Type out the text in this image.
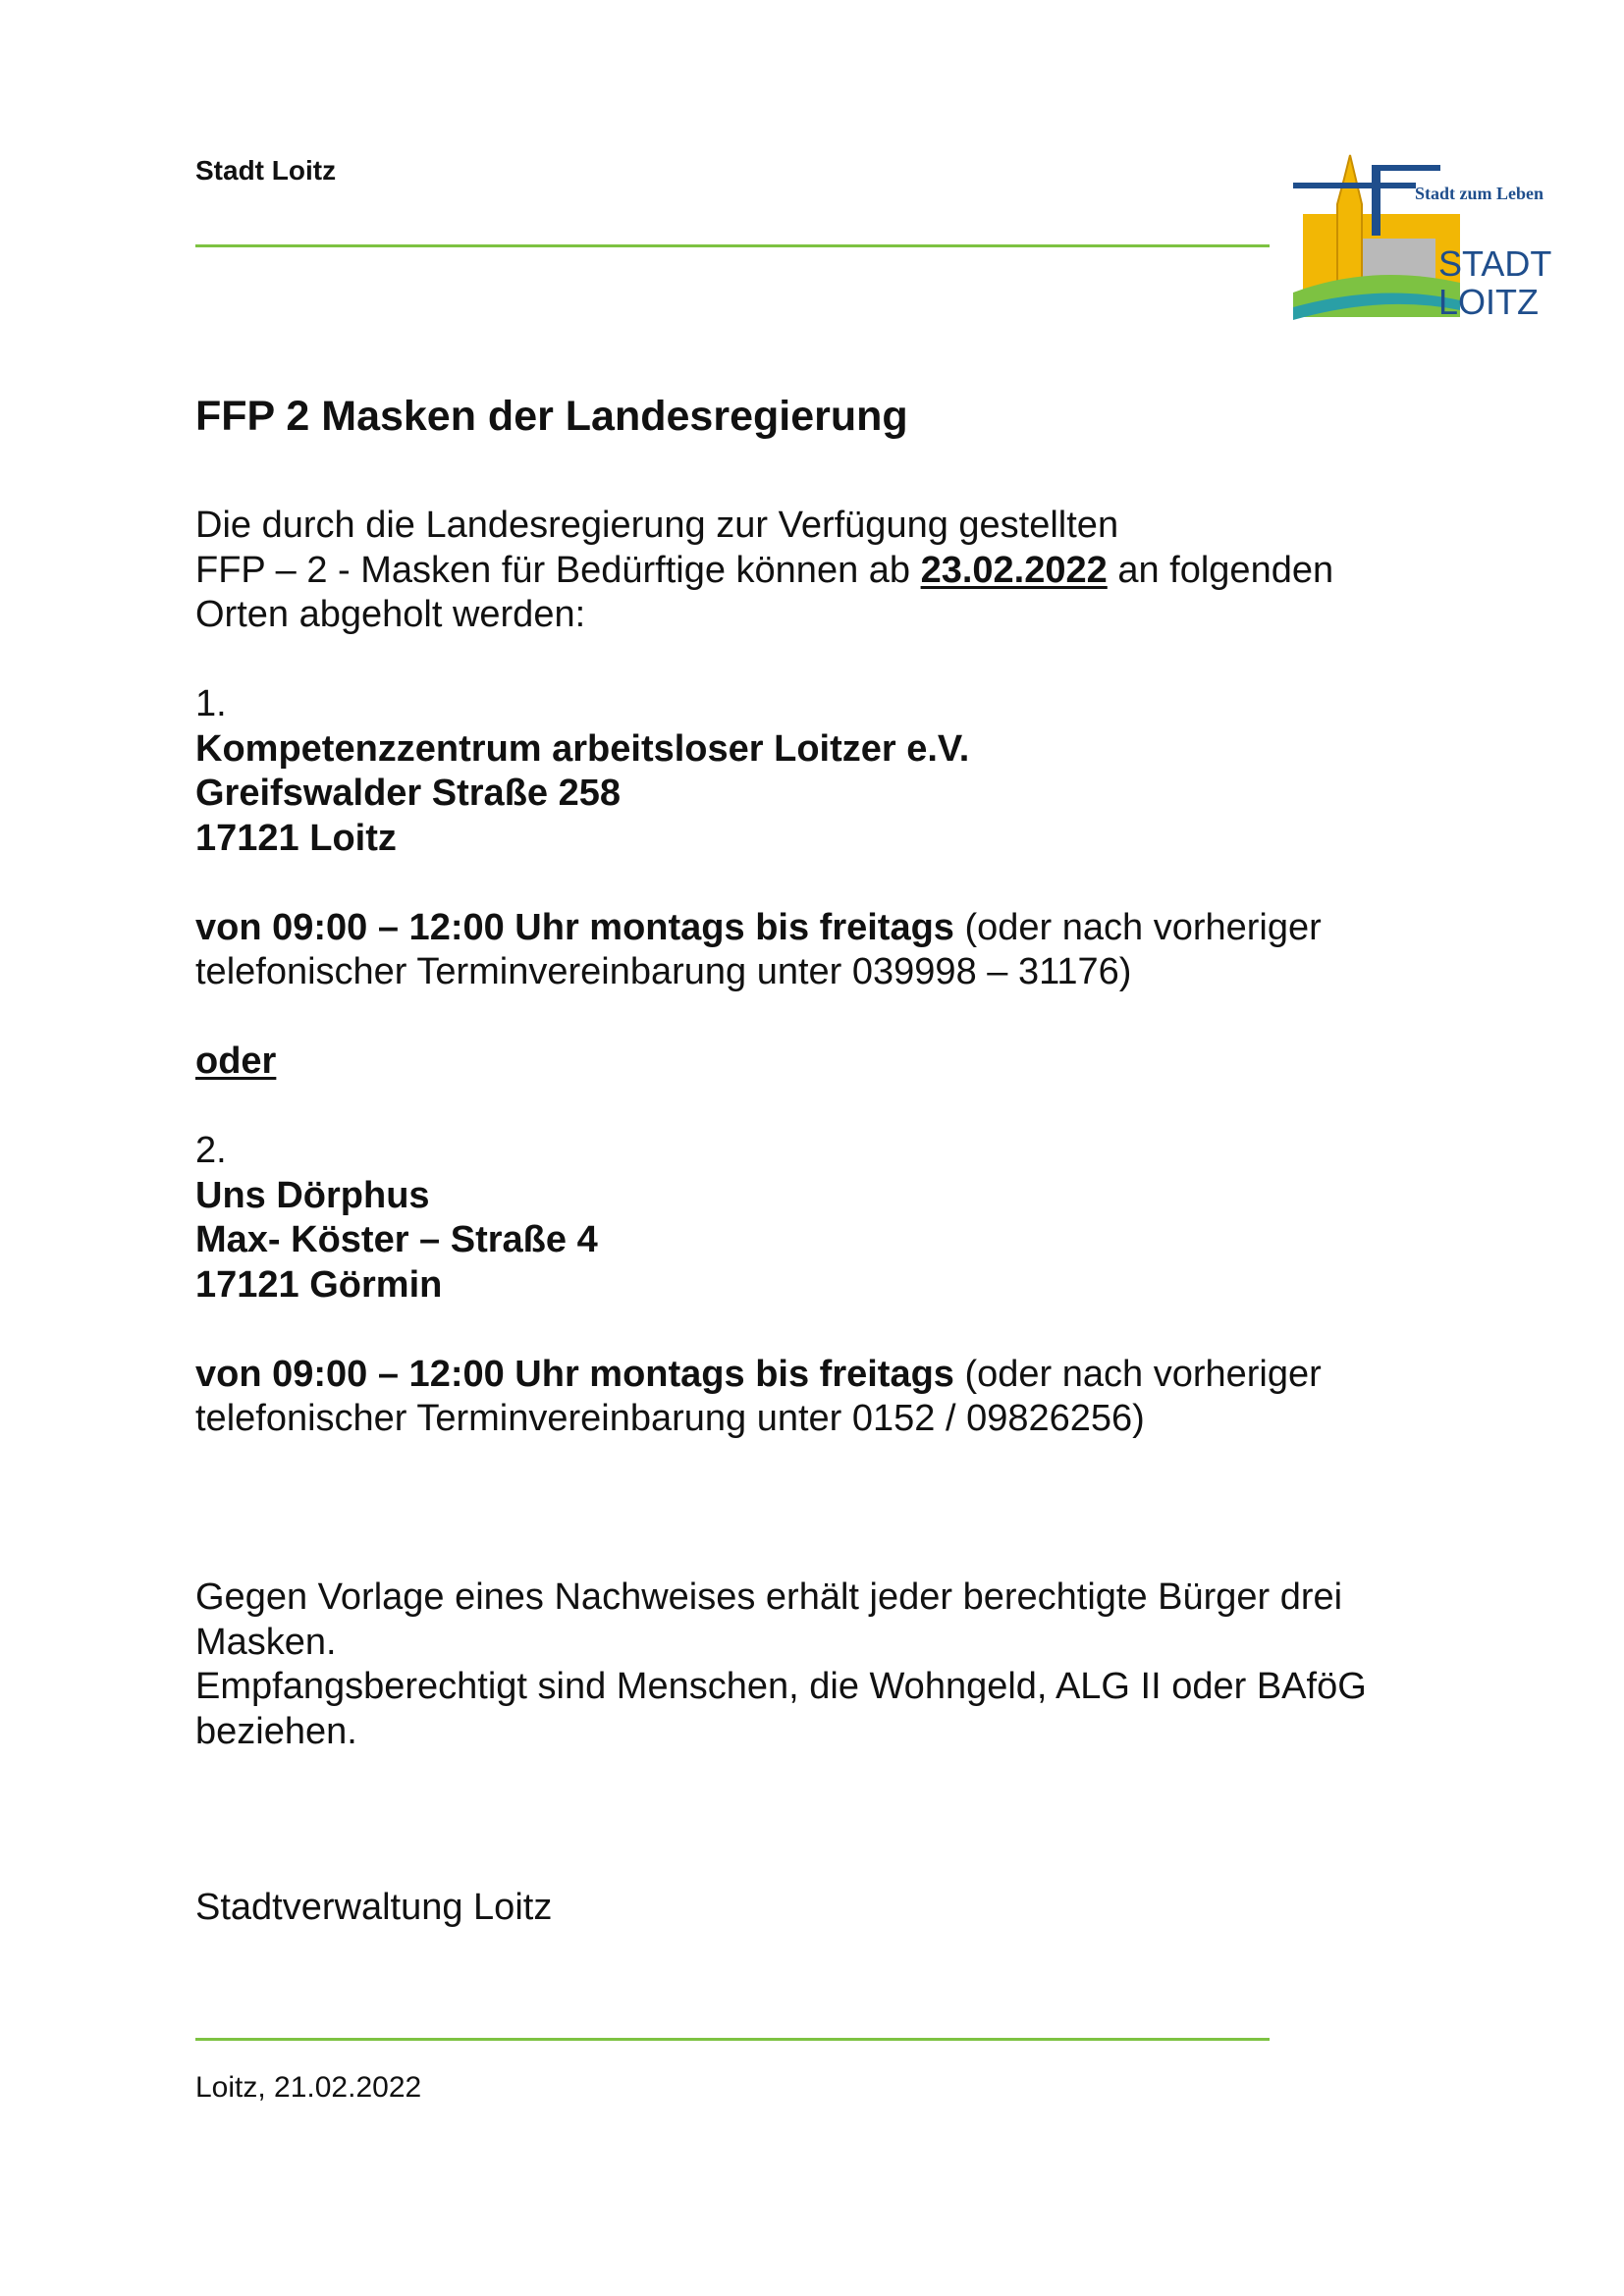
Stadt Loitz

Stadt zum Leben
STADT
LOITZ
FFP 2 Masken der Landesregierung

Die durch die Landesregierung zur Verfügung gestellten

FFP – 2 - Masken für Bedürftige können ab 23.02.2022 an folgenden

Orten abgeholt werden:

1.

Kompetenzzentrum arbeitsloser Loitzer e.V.

Greifswalder Straße 258

17121 Loitz

von 09:00 – 12:00 Uhr montags bis freitags (oder nach vorheriger

telefonischer Terminvereinbarung unter 039998 – 31176)

oder

2.

Uns Dörphus

Max- Köster – Straße 4

17121 Görmin

von 09:00 – 12:00 Uhr montags bis freitags (oder nach vorheriger

telefonischer Terminvereinbarung unter 0152 / 09826256)

Gegen Vorlage eines Nachweises erhält jeder berechtigte Bürger drei

Masken.

Empfangsberechtigt sind Menschen, die Wohngeld, ALG II oder BAföG

beziehen.

Stadtverwaltung Loitz

Loitz, 21.02.2022
